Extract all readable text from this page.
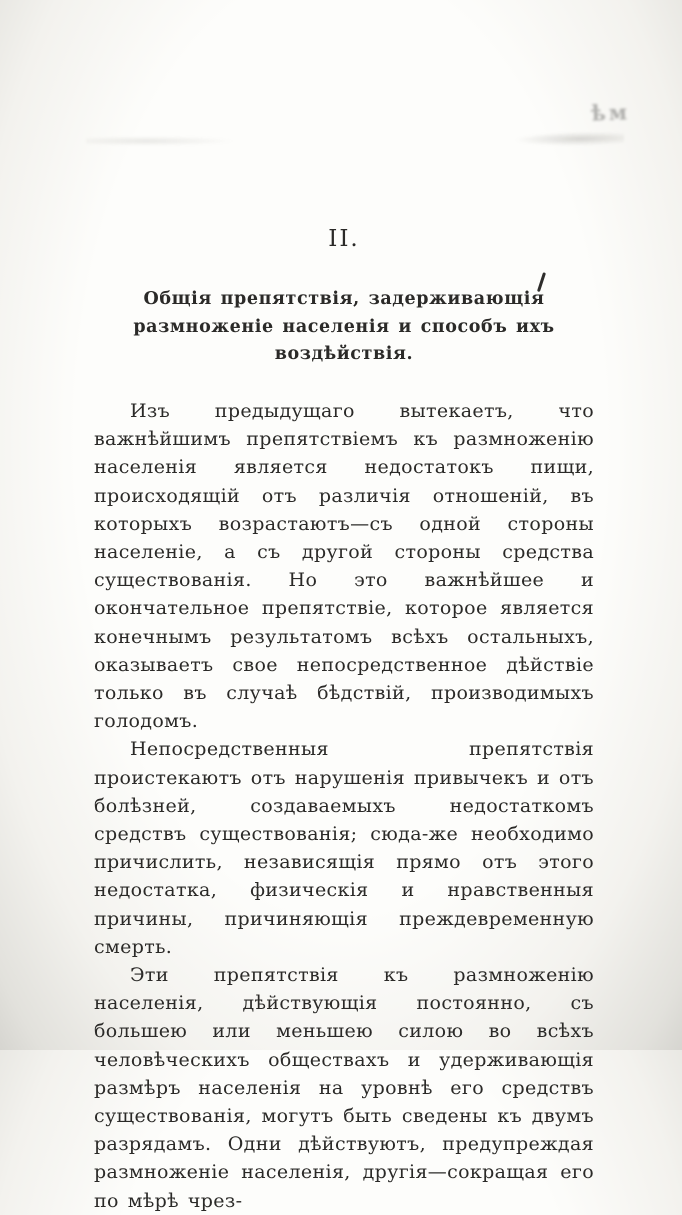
ѣм
II.
Общія препятствія, задерживающія размноженіе населенія и способъ ихъ воздѣйствія.

Изъ предыдущаго вытекаетъ, что важнѣйшимъ препятствіемъ къ размноженію населенія является недостатокъ пищи, происходящій отъ различія отношеній, въ которыхъ возрастаютъ—съ одной стороны населеніе, а съ другой стороны средства существованія. Но это важнѣйшее и окончательное препятствіе, которое является конечнымъ результатомъ всѣхъ остальныхъ, оказываетъ свое непосредственное дѣйствіе только въ случаѣ бѣдствій, производимыхъ голодомъ.

Непосредственныя препятствія проистекаютъ отъ нарушенія привычекъ и отъ болѣзней, создаваемыхъ недостаткомъ средствъ существованія; сюда-же необходимо причислить, независящія прямо отъ этого недостатка, физическія и нравственныя причины, причиняющія преждевременную смерть.

Эти препятствія къ размноженію населенія, дѣйствующія постоянно, съ большею или меньшею силою во всѣхъ человѣческихъ обществахъ и удерживающія размѣръ населенія на уровнѣ его средствъ существованія, могутъ быть сведены къ двумъ разрядамъ. Одни дѣйствуютъ, предупреждая размноженіе населенія, другія—сокращая его по мѣрѣ чрез-
